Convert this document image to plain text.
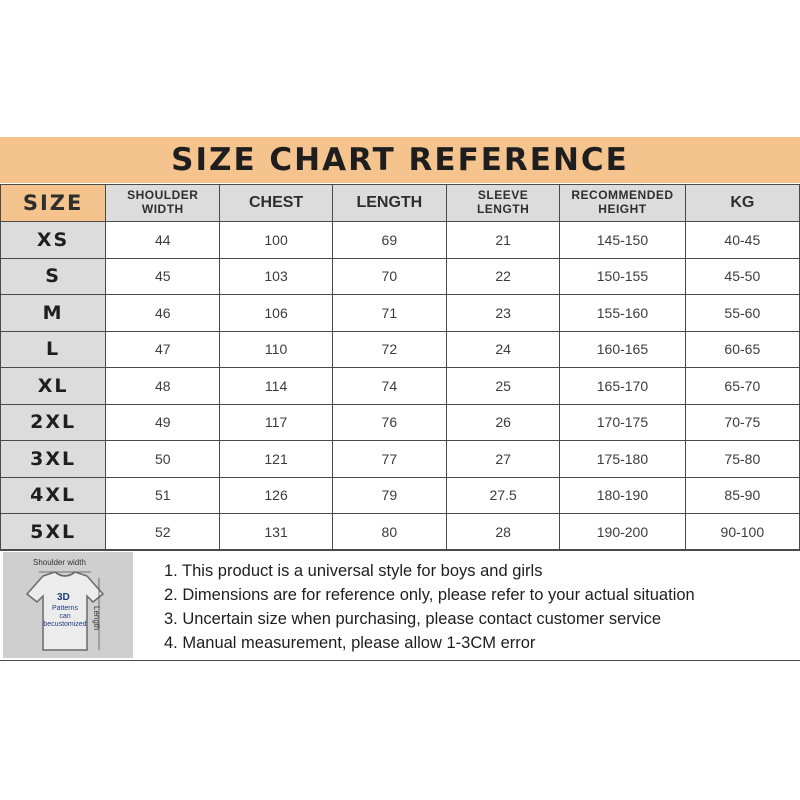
SIZE CHART REFERENCE
SIZE	SHOULDER WIDTH	CHEST	LENGTH	SLEEVE LENGTH	RECOMMENDED HEIGHT	KG
XS	44	100	69	21	145-150	40-45
S	45	103	70	22	150-155	45-50
M	46	106	71	23	155-160	55-60
L	47	110	72	24	160-165	60-65
XL	48	114	74	25	165-170	65-70
2XL	49	117	76	26	170-175	70-75
3XL	50	121	77	27	175-180	75-80
4XL	51	126	79	27.5	180-190	85-90
5XL	52	131	80	28	190-200	90-100
Shoulder width
Length
3D
Patterns
can
becustomized
1. This product is a universal style for boys and girls
2. Dimensions are for reference only, please refer to your actual situation
3. Uncertain size when purchasing, please contact customer service
4. Manual measurement, please allow 1-3CM error
